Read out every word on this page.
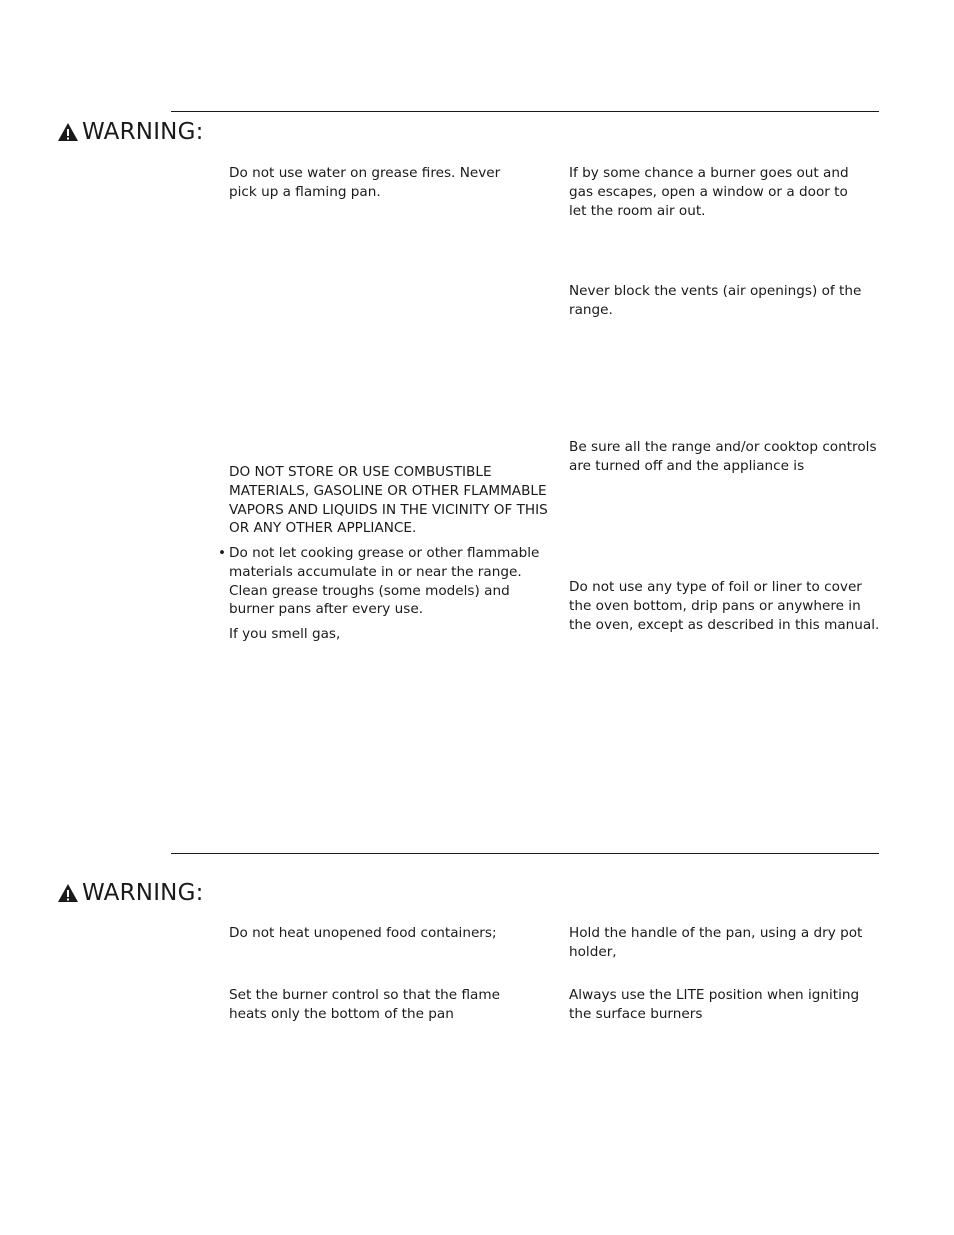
WARNING:

Do not use water on grease fires. Never pick up a flaming pan.

DO NOT STORE OR USE COMBUSTIBLE MATERIALS, GASOLINE OR OTHER FLAMMABLE VAPORS AND LIQUIDS IN THE VICINITY OF THIS OR ANY OTHER APPLIANCE.

• Do not let cooking grease or other flammable materials accumulate in or near the range. Clean grease troughs (some models) and burner pans after every use.

If you smell gas,

If by some chance a burner goes out and gas escapes, open a window or a door to let the room air out.

Never block the vents (air openings) of the range.

Be sure all the range and/or cooktop controls are turned off and the appliance is

Do not use any type of foil or liner to cover the oven bottom, drip pans or anywhere in the oven, except as described in this manual.

WARNING:

Do not heat unopened food containers;

Set the burner control so that the flame heats only the bottom of the pan

Hold the handle of the pan, using a dry pot holder,

Always use the LITE position when igniting the surface burners
